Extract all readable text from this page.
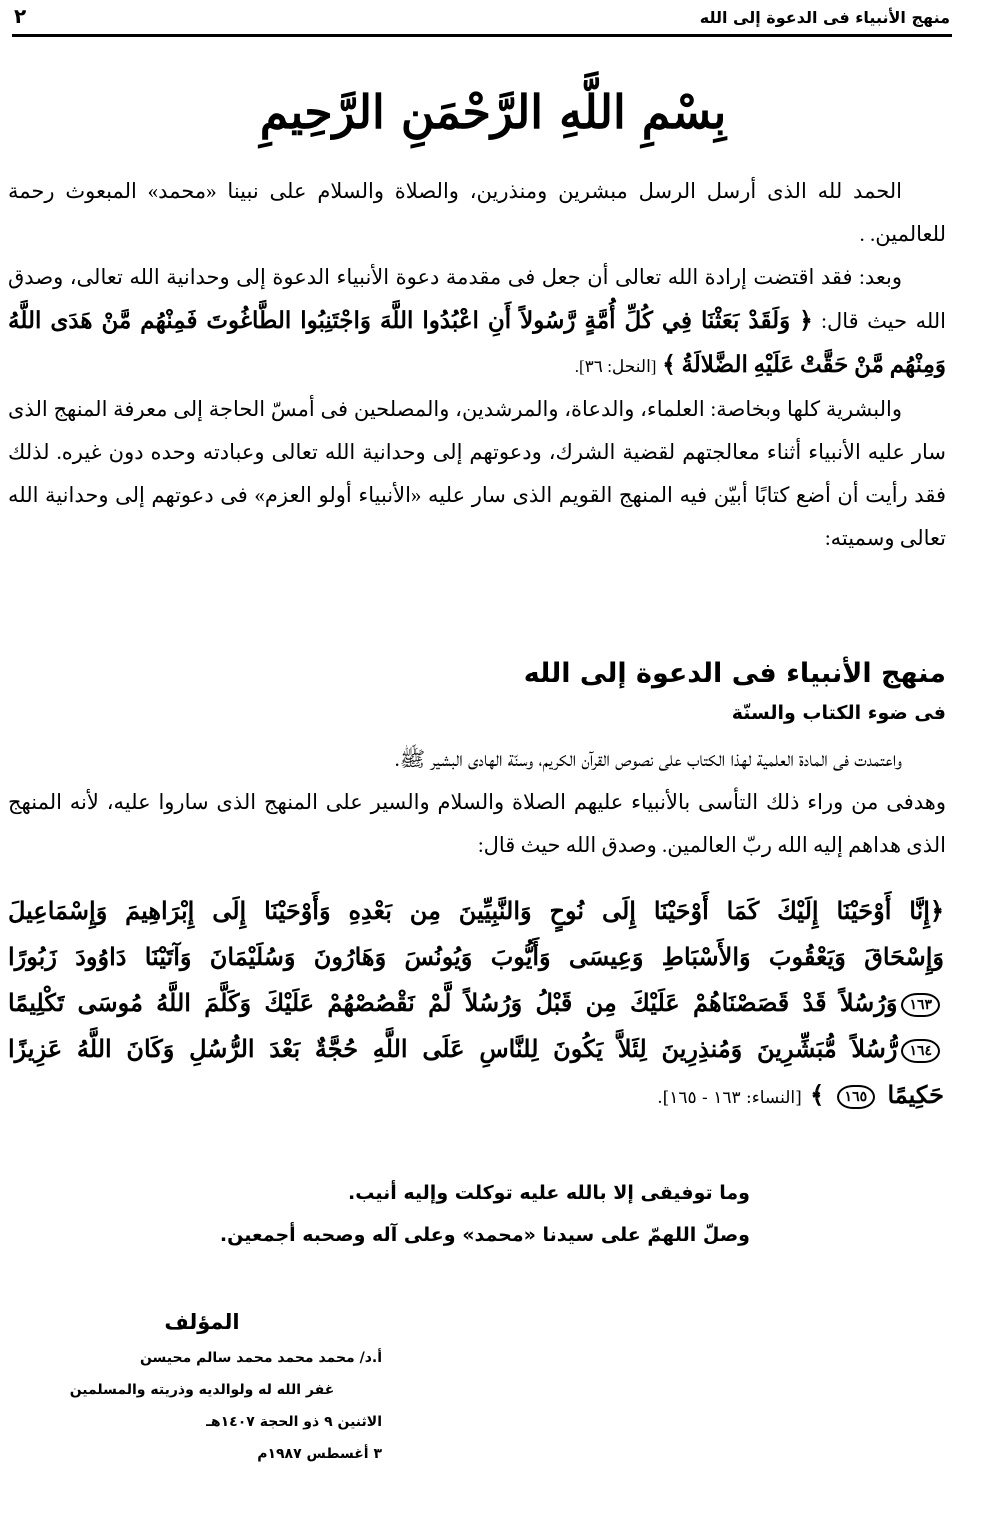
٢	منهج الأنبياء فى الدعوة إلى الله
بِسْمِ اللَّهِ الرَّحْمَنِ الرَّحِيمِ

الحمد لله الذى أرسل الرسل مبشرين ومنذرين، والصلاة والسلام على نبينا «محمد» المبعوث رحمة للعالمين. .

وبعد: فقد اقتضت إرادة الله تعالى أن جعل فى مقدمة دعوة الأنبياء الدعوة إلى وحدانية الله تعالى، وصدق الله حيث قال: ﴿ وَلَقَدْ بَعَثْنَا فِي كُلِّ أُمَّةٍ رَّسُولاً أَنِ اعْبُدُوا اللَّهَ وَاجْتَنِبُوا الطَّاغُوتَ فَمِنْهُم مَّنْ هَدَى اللَّهُ وَمِنْهُم مَّنْ حَقَّتْ عَلَيْهِ الضَّلالَةُ ﴾ [النحل: ٣٦].

والبشرية كلها وبخاصة: العلماء، والدعاة، والمرشدين، والمصلحين فى أمسّ الحاجة إلى معرفة المنهج الذى سار عليه الأنبياء أثناء معالجتهم لقضية الشرك، ودعوتهم إلى وحدانية الله تعالى وعبادته وحده دون غيره. لذلك فقد رأيت أن أضع كتابًا أبيّن فيه المنهج القويم الذى سار عليه «الأنبياء أولو العزم» فى دعوتهم إلى وحدانية الله تعالى وسميته:

منهج الأنبياء فى الدعوة إلى الله

فى ضوء الكتاب والسنّة

واعتمدت فى المادة العلمية لهذا الكتاب على نصوص القرآن الكريم، وسنّة الهادى البشير ﷺ.

وهدفى من وراء ذلك التأسى بالأنبياء عليهم الصلاة والسلام والسير على المنهج الذى ساروا عليه، لأنه المنهج الذى هداهم إليه الله ربّ العالمين. وصدق الله حيث قال:

﴿إِنَّا أَوْحَيْنَا إِلَيْكَ كَمَا أَوْحَيْنَا إِلَى نُوحٍ وَالنَّبِيِّينَ مِن بَعْدِهِ وَأَوْحَيْنَا إِلَى إِبْرَاهِيمَ وَإِسْمَاعِيلَ

وَإِسْحَاقَ وَيَعْقُوبَ وَالأَسْبَاطِ وَعِيسَى وَأَيُّوبَ وَيُونُسَ وَهَارُونَ وَسُلَيْمَانَ وَآتَيْنَا دَاوُودَ زَبُورًا

١٦٣وَرُسُلاً قَدْ قَصَصْنَاهُمْ عَلَيْكَ مِن قَبْلُ وَرُسُلاً لَّمْ نَقْصُصْهُمْ عَلَيْكَ وَكَلَّمَ اللَّهُ مُوسَى تَكْلِيمًا

١٦٤رُّسُلاً مُّبَشِّرِينَ وَمُنذِرِينَ لِئَلاَّ يَكُونَ لِلنَّاسِ عَلَى اللَّهِ حُجَّةٌ بَعْدَ الرُّسُلِ وَكَانَ اللَّهُ عَزِيزًا

حَكِيمًا ١٦٥ ﴾ [النساء: ١٦٣ - ١٦٥].

وما توفيقى إلا بالله عليه توكلت وإليه أنيب.
وصلّ اللهمّ على سيدنا «محمد» وعلى آله وصحبه أجمعين.

المؤلف

أ.د/ محمد محمد محمد سالم محيسن

غفر الله له ولوالديه وذريته والمسلمين

الاثنين ٩ ذو الحجة ١٤٠٧هـ

٣ أغسطس ١٩٨٧م
